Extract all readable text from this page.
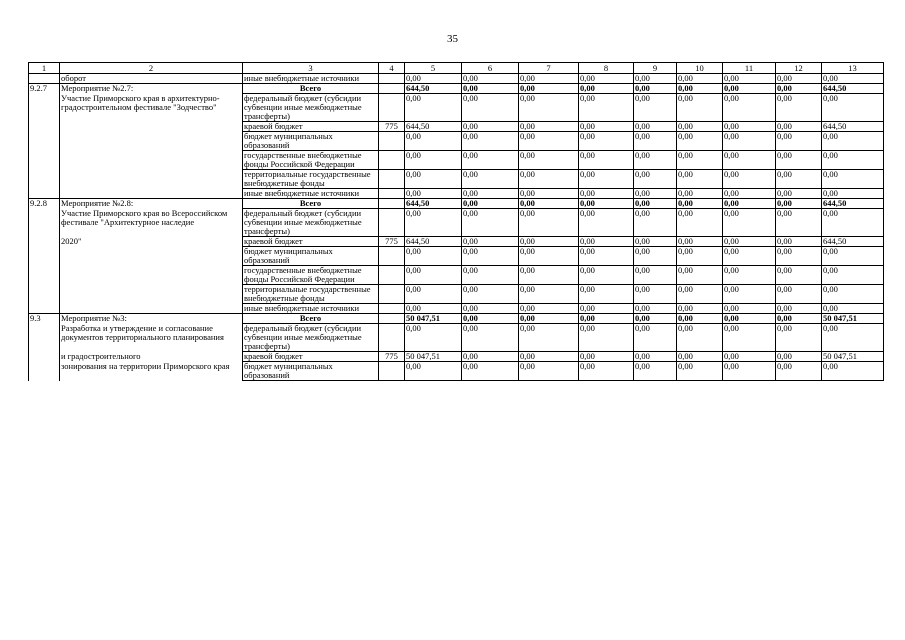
35
1	2	3	4	5	6	7	8	9	10	11	12	13
	оборот	иные внебюджетные источники		0,00	0,00	0,00	0,00	0,00	0,00	0,00	0,00	0,00
9.2.7	Мероприятие №2.7:	Всего		644,50	0,00	0,00	0,00	0,00	0,00	0,00	0,00	644,50
	Участие Приморского края в архитектурно-градостроительном фестивале "Зодчество"	федеральный бюджет (субсидии субвенции иные межбюджетные трансферты)		0,00	0,00	0,00	0,00	0,00	0,00	0,00	0,00	0,00
		краевой бюджет	775	644,50	0,00	0,00	0,00	0,00	0,00	0,00	0,00	644,50
		бюджет муниципальных образований		0,00	0,00	0,00	0,00	0,00	0,00	0,00	0,00	0,00
		государственные внебюджетные фонды Российской Федерации		0,00	0,00	0,00	0,00	0,00	0,00	0,00	0,00	0,00
		территориальные государственные внебюджетные фонды		0,00	0,00	0,00	0,00	0,00	0,00	0,00	0,00	0,00
		иные внебюджетные источники		0,00	0,00	0,00	0,00	0,00	0,00	0,00	0,00	0,00
9.2.8	Мероприятие №2.8:	Всего		644,50	0,00	0,00	0,00	0,00	0,00	0,00	0,00	644,50
	Участие Приморского края во Всероссийском фестивале "Архитектурное наследие	федеральный бюджет (субсидии субвенции иные межбюджетные трансферты)		0,00	0,00	0,00	0,00	0,00	0,00	0,00	0,00	0,00
	2020"	краевой бюджет	775	644,50	0,00	0,00	0,00	0,00	0,00	0,00	0,00	644,50
		бюджет муниципальных образований		0,00	0,00	0,00	0,00	0,00	0,00	0,00	0,00	0,00
		государственные внебюджетные фонды Российской Федерации		0,00	0,00	0,00	0,00	0,00	0,00	0,00	0,00	0,00
		территориальные государственные внебюджетные фонды		0,00	0,00	0,00	0,00	0,00	0,00	0,00	0,00	0,00
		иные внебюджетные источники		0,00	0,00	0,00	0,00	0,00	0,00	0,00	0,00	0,00
9.3	Мероприятие №3:	Всего		50 047,51	0,00	0,00	0,00	0,00	0,00	0,00	0,00	50 047,51
	Разработка и утверждение и согласование документов территориального планирования	федеральный бюджет (субсидии субвенции иные межбюджетные трансферты)		0,00	0,00	0,00	0,00	0,00	0,00	0,00	0,00	0,00
	и градостроительного	краевой бюджет	775	50 047,51	0,00	0,00	0,00	0,00	0,00	0,00	0,00	50 047,51
	зонирования на территории Приморского края	бюджет муниципальных образований		0,00	0,00	0,00	0,00	0,00	0,00	0,00	0,00	0,00
